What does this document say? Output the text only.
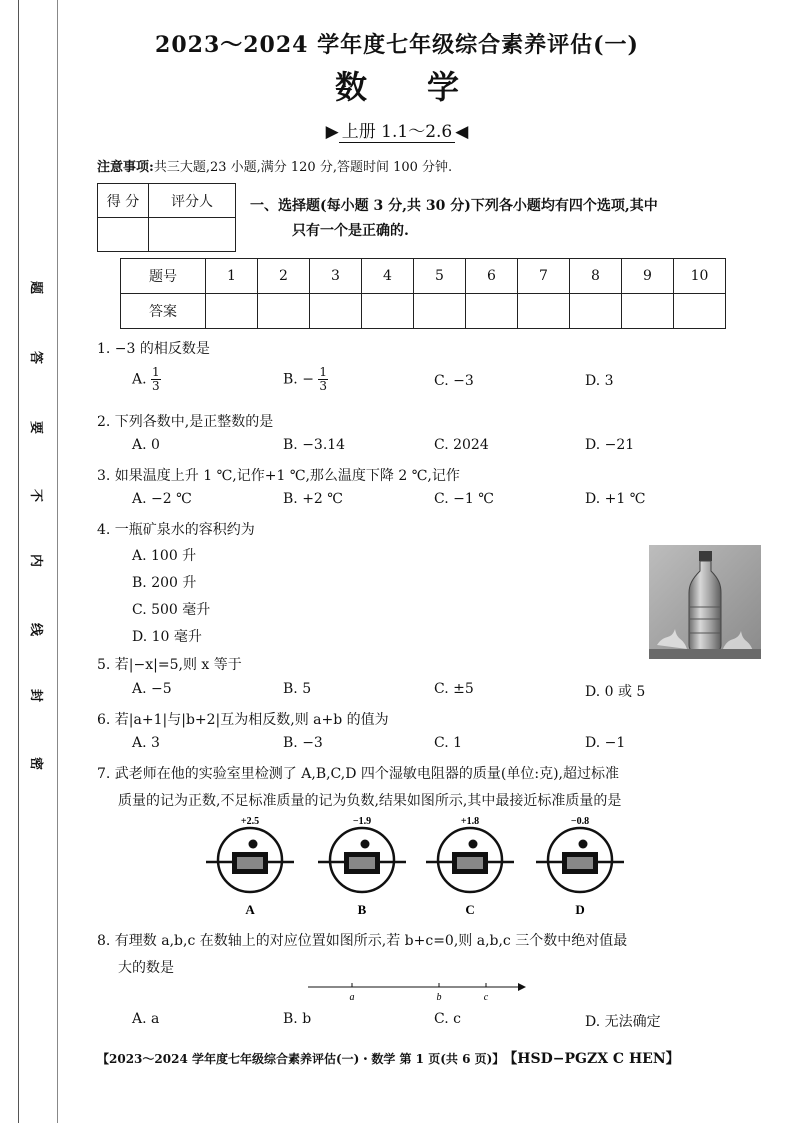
题
答
要
不
内
线
封
密
2023～2024 学年度七年级综合素养评估(一)
数学
▶ 上册 1.1～2.6 ◀
注意事项:共三大题,23 小题,满分 120 分,答题时间 100 分钟.
得 分	评分人
		一、选择题(每小题 3 分,共 30 分)下列各小题均有四个选项,其中
只有一个是正确的.
题号	1	2	3	4	5	6	7	8	9	10
答案										
1. −3 的相反数是
A. $\frac{1}{3}$	B. − $\frac{1}{3}$	C. −3	D. 3
2. 下列各数中,是正整数的是
A. 0	B. −3.14	C. 2024	D. −21
3. 如果温度上升 1 ℃,记作+1 ℃,那么温度下降 2 ℃,记作
A. −2 ℃	B. +2 ℃	C. −1 ℃	D. +1 ℃
4. 一瓶矿泉水的容积约为
A. 100 升
B. 200 升
C. 500 毫升
D. 10 毫升
5. 若|−x|=5,则 x 等于
A. −5	B. 5	C. ±5	D. 0 或 5
6. 若|a+1|与|b+2|互为相反数,则 a+b 的值为
A. 3	B. −3	C. 1	D. −1
7. 武老师在他的实验室里检测了 A,B,C,D 四个湿敏电阻器的质量(单位:克),超过标准
质量的记为正数,不足标准质量的记为负数,结果如图所示,其中最接近标准质量的是
+2.5
A
−1.9
B
+1.8
C
−0.8
D
8. 有理数 a,b,c 在数轴上的对应位置如图所示,若 b+c=0,则 a,b,c 三个数中绝对值最
大的数是
a	b	c
A. a	B. b	C. c	D. 无法确定
【2023～2024 学年度七年级综合素养评估(一)・数学 第 1 页(共 6 页)】 【HSD−PGZX C HEN】
